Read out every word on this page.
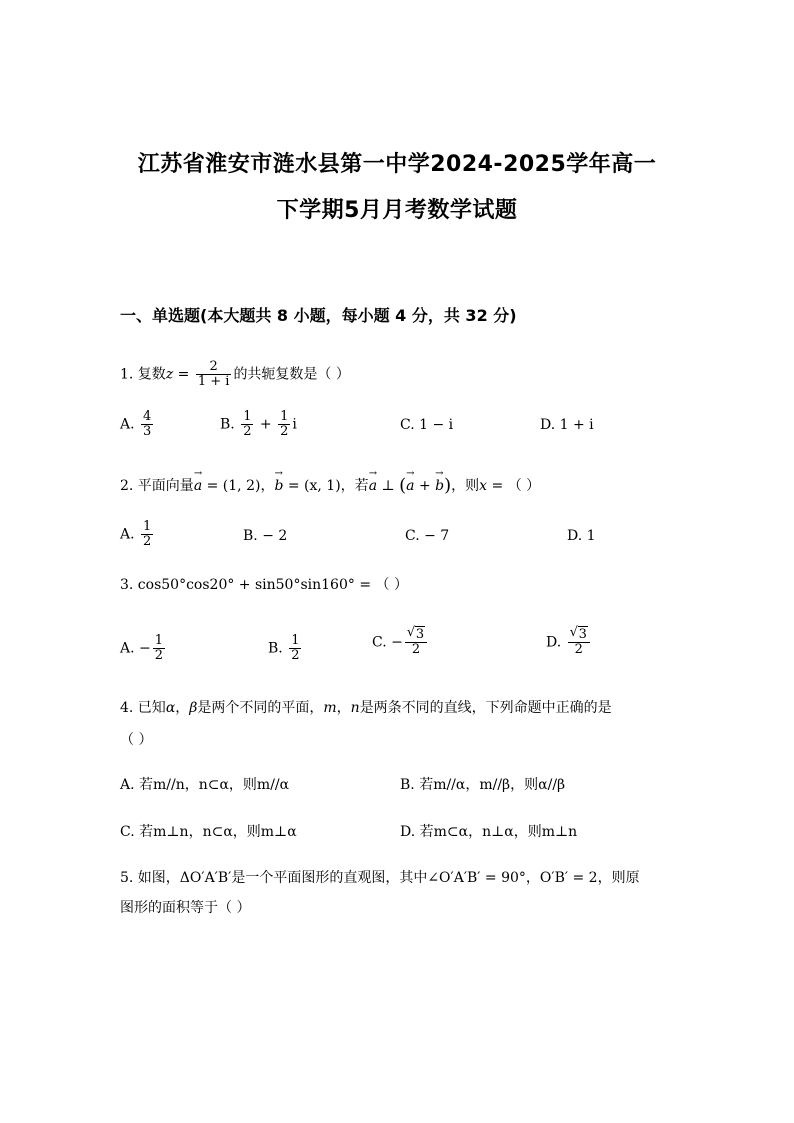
江苏省淮安市涟水县第一中学2024-2025学年高一
下学期5月月考数学试题
一、单选题(本大题共 8 小题，每小题 4 分，共 32 分)
1. 复数$z = \frac{2}{1 + i}$ 的共轭复数是（ ）
A. $\frac{4}{3}$	B. $\frac{1}{2} + \frac{1}{2}$ i	C. 1 − i	D. 1 + i
2. 平面向量→ a = (1, 2)，→ b = (x, 1)，若→ a ⊥ (→ a + → b)，则x = （ ）
A. $\frac{1}{2}$	B. − 2	C. − 7	D. 1
3. cos50°cos20° + sin50°sin160° = （ ）
A. − $\frac{1}{2}$	B. $\frac{1}{2}$	C. − √ $\frac{3}{2}$	D. √ $\frac{3}{2}$
4. 已知α，β是两个不同的平面，m，n是两条不同的直线，下列命题中正确的是
（ ）
A. 若m//n，n⊂α，则m//α	B. 若m//α，m//β，则α//β
C. 若m⊥n，n⊂α，则m⊥α	D. 若m⊂α，n⊥α，则m⊥n
5. 如图，ΔO′A′B′是一个平面图形的直观图，其中∠O′A′B′ = 90°，O′B′ = 2，则原
图形的面积等于（ ）
